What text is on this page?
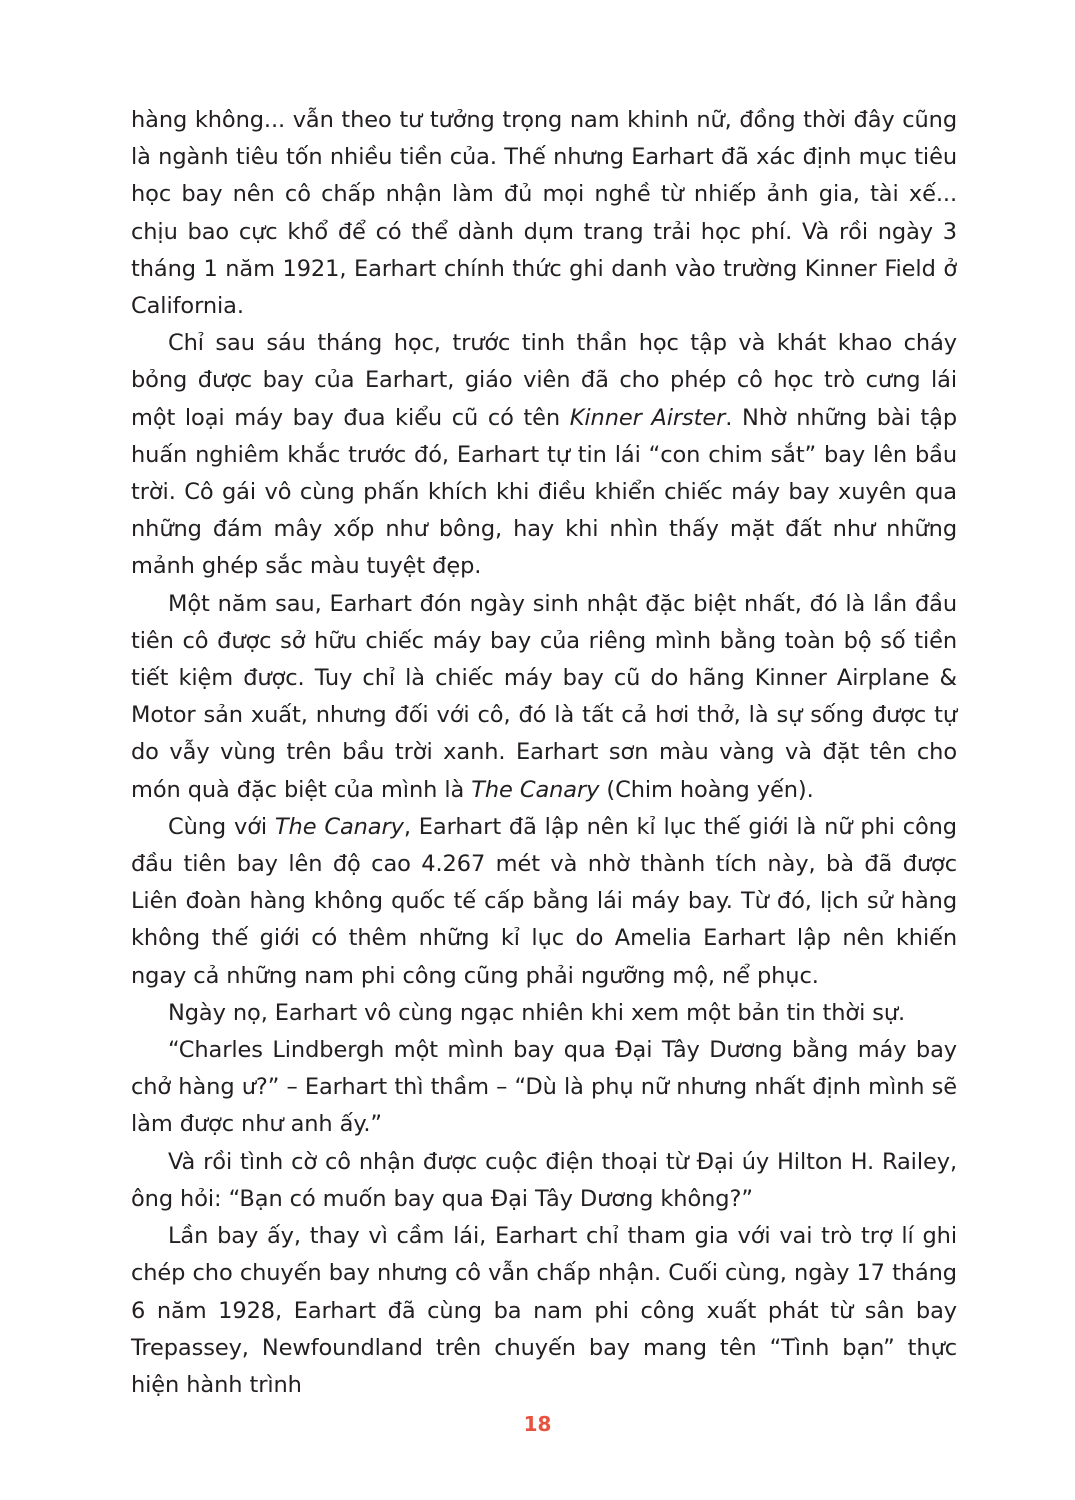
hàng không... vẫn theo tư tưởng trọng nam khinh nữ, đồng thời đây cũng là ngành tiêu tốn nhiều tiền của. Thế nhưng Earhart đã xác định mục tiêu học bay nên cô chấp nhận làm đủ mọi nghề từ nhiếp ảnh gia, tài xế... chịu bao cực khổ để có thể dành dụm trang trải học phí. Và rồi ngày 3 tháng 1 năm 1921, Earhart chính thức ghi danh vào trường Kinner Field ở California.

Chỉ sau sáu tháng học, trước tinh thần học tập và khát khao cháy bỏng được bay của Earhart, giáo viên đã cho phép cô học trò cưng lái một loại máy bay đua kiểu cũ có tên Kinner Airster. Nhờ những bài tập huấn nghiêm khắc trước đó, Earhart tự tin lái “con chim sắt” bay lên bầu trời. Cô gái vô cùng phấn khích khi điều khiển chiếc máy bay xuyên qua những đám mây xốp như bông, hay khi nhìn thấy mặt đất như những mảnh ghép sắc màu tuyệt đẹp.

Một năm sau, Earhart đón ngày sinh nhật đặc biệt nhất, đó là lần đầu tiên cô được sở hữu chiếc máy bay của riêng mình bằng toàn bộ số tiền tiết kiệm được. Tuy chỉ là chiếc máy bay cũ do hãng Kinner Airplane & Motor sản xuất, nhưng đối với cô, đó là tất cả hơi thở, là sự sống được tự do vẫy vùng trên bầu trời xanh. Earhart sơn màu vàng và đặt tên cho món quà đặc biệt của mình là The Canary (Chim hoàng yến).

Cùng với The Canary, Earhart đã lập nên kỉ lục thế giới là nữ phi công đầu tiên bay lên độ cao 4.267 mét và nhờ thành tích này, bà đã được Liên đoàn hàng không quốc tế cấp bằng lái máy bay. Từ đó, lịch sử hàng không thế giới có thêm những kỉ lục do Amelia Earhart lập nên khiến ngay cả những nam phi công cũng phải ngưỡng mộ, nể phục.

Ngày nọ, Earhart vô cùng ngạc nhiên khi xem một bản tin thời sự.

“Charles Lindbergh một mình bay qua Đại Tây Dương bằng máy bay chở hàng ư?” – Earhart thì thầm – “Dù là phụ nữ nhưng nhất định mình sẽ làm được như anh ấy.”

Và rồi tình cờ cô nhận được cuộc điện thoại từ Đại úy Hilton H. Railey, ông hỏi: “Bạn có muốn bay qua Đại Tây Dương không?”

Lần bay ấy, thay vì cầm lái, Earhart chỉ tham gia với vai trò trợ lí ghi chép cho chuyến bay nhưng cô vẫn chấp nhận. Cuối cùng, ngày 17 tháng 6 năm 1928, Earhart đã cùng ba nam phi công xuất phát từ sân bay Trepassey, Newfoundland trên chuyến bay mang tên “Tình bạn” thực hiện hành trình

18
